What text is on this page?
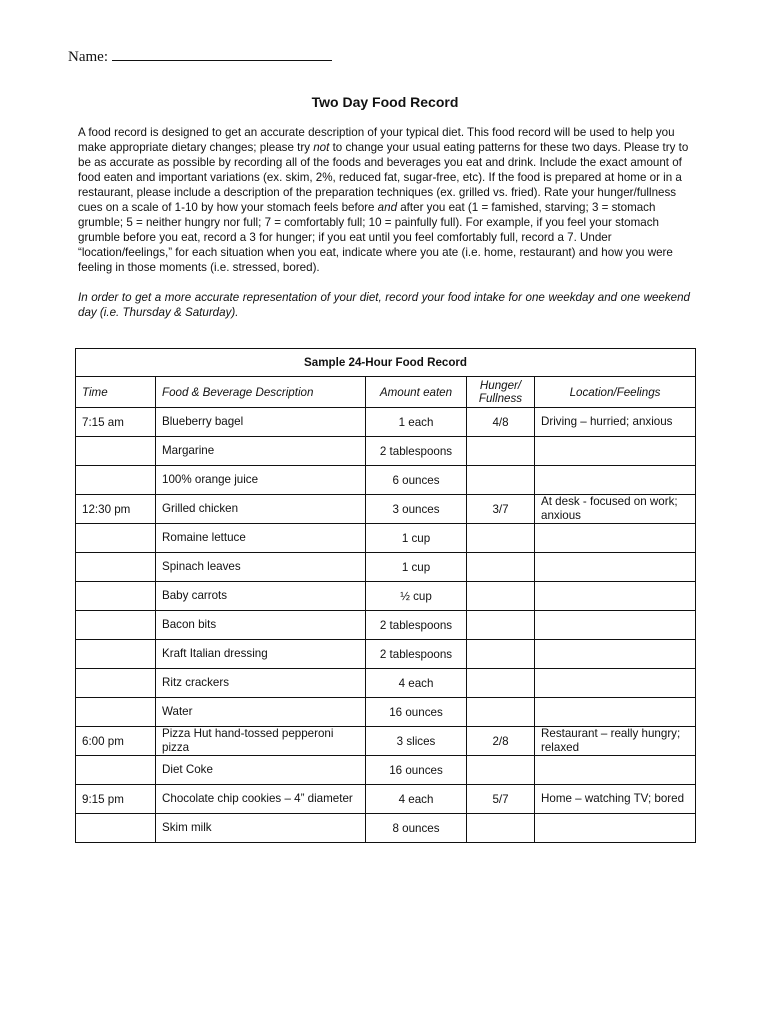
Name:
Two Day Food Record

A food record is designed to get an accurate description of your typical diet. This food record will be used to help you make appropriate dietary changes; please try not to change your usual eating patterns for these two days. Please try to be as accurate as possible by recording all of the foods and beverages you eat and drink. Include the exact amount of food eaten and important variations (ex. skim, 2%, reduced fat, sugar-free, etc). If the food is prepared at home or in a restaurant, please include a description of the preparation techniques (ex. grilled vs. fried). Rate your hunger/fullness cues on a scale of 1-10 by how your stomach feels before and after you eat (1 = famished, starving; 3 = stomach grumble; 5 = neither hungry nor full; 7 = comfortably full; 10 = painfully full). For example, if you feel your stomach grumble before you eat, record a 3 for hunger; if you eat until you feel comfortably full, record a 7. Under “location/feelings,” for each situation when you eat, indicate where you ate (i.e. home, restaurant) and how you were feeling in those moments (i.e. stressed, bored).

In order to get a more accurate representation of your diet, record your food intake for one weekday and one weekend day (i.e. Thursday & Saturday).

Sample 24-Hour Food Record				
Time	Food & Beverage Description	Amount eaten	Hunger/ Fullness	Location/Feelings
7:15 am	Blueberry bagel	1 each	4/8	Driving – hurried; anxious
	Margarine	2 tablespoons		
	100% orange juice	6 ounces		
12:30 pm	Grilled chicken	3 ounces	3/7	At desk - focused on work; anxious
	Romaine lettuce	1 cup		
	Spinach leaves	1 cup		
	Baby carrots	½ cup		
	Bacon bits	2 tablespoons		
	Kraft Italian dressing	2 tablespoons		
	Ritz crackers	4 each		
	Water	16 ounces		
6:00 pm	Pizza Hut hand-tossed pepperoni pizza	3 slices	2/8	Restaurant – really hungry; relaxed
	Diet Coke	16 ounces		
9:15 pm	Chocolate chip cookies – 4” diameter	4 each	5/7	Home – watching TV; bored
	Skim milk	8 ounces		
